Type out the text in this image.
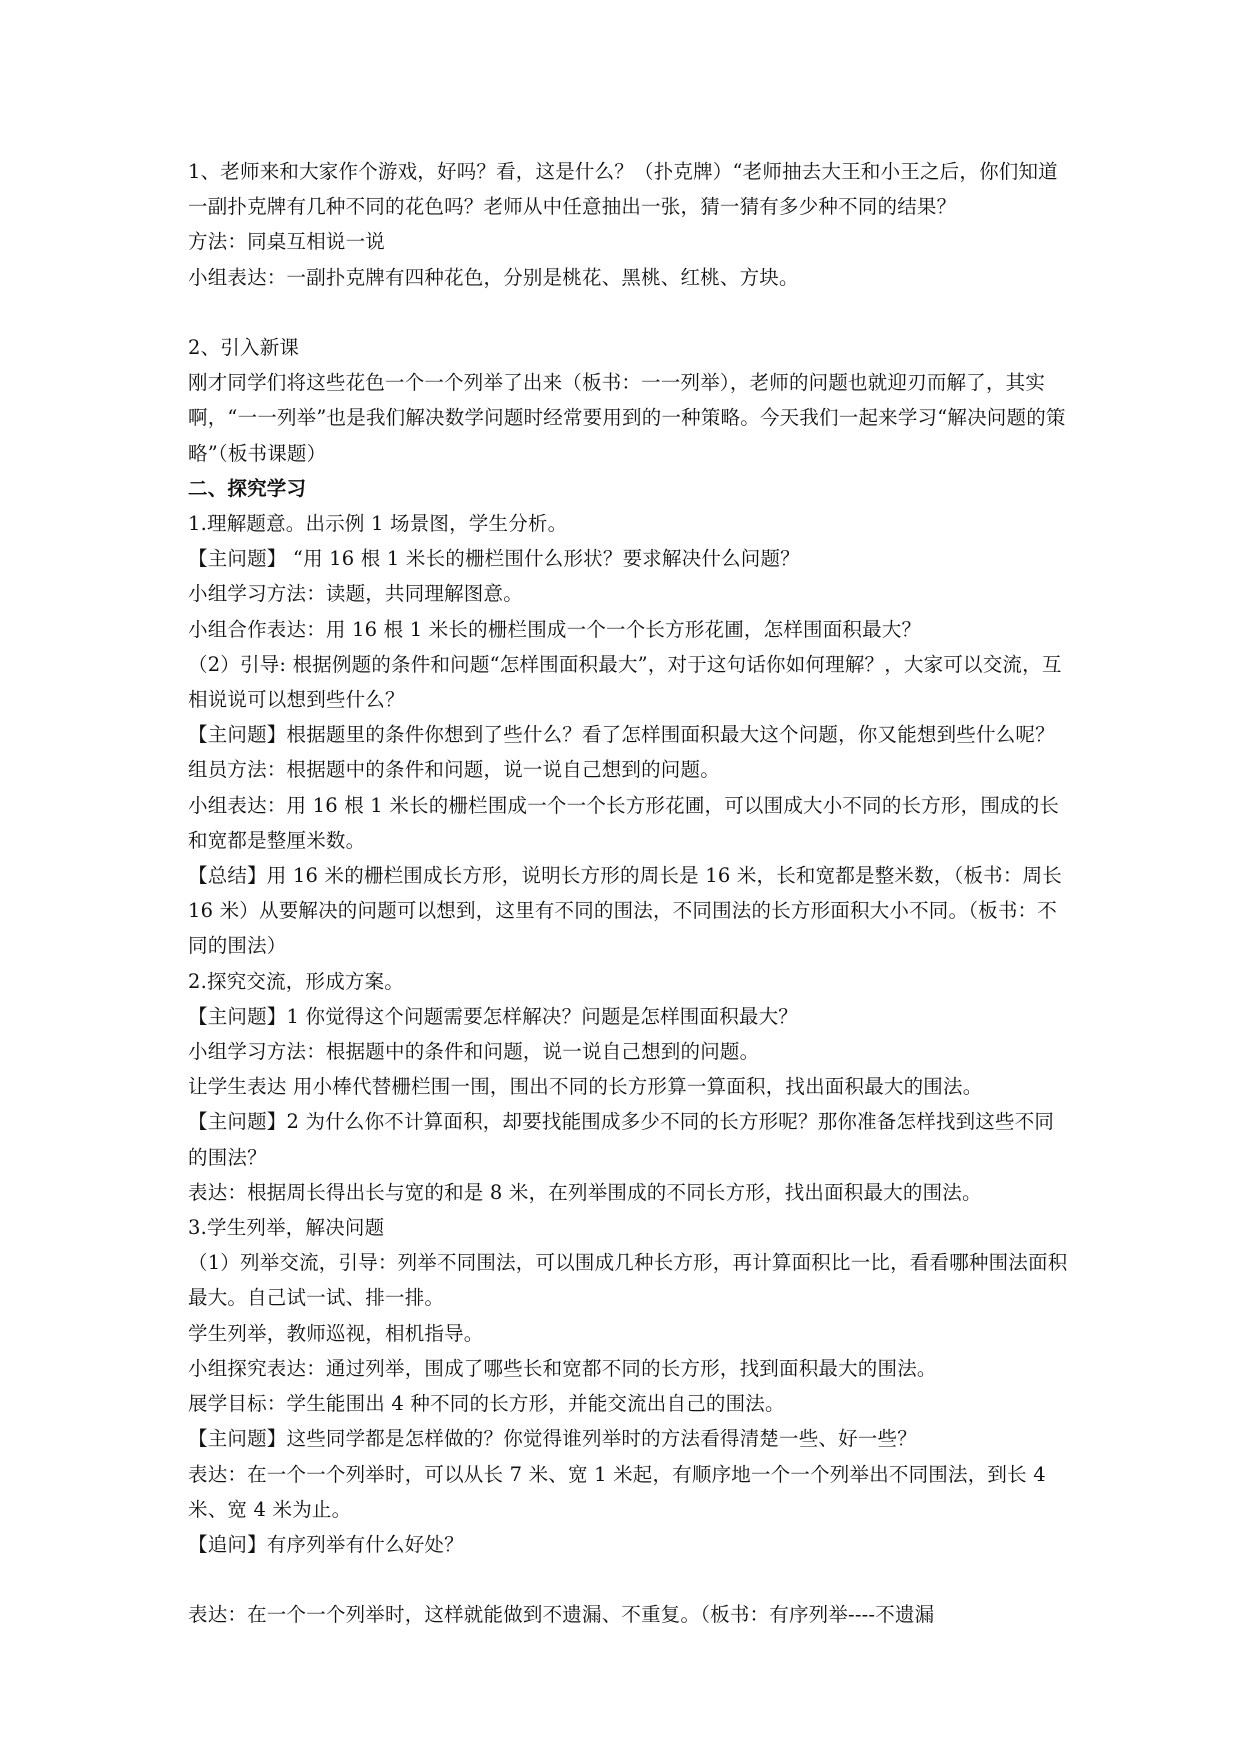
1、老师来和大家作个游戏，好吗？看，这是什么？（扑克牌）“老师抽去大王和小王之后，你们知道一副扑克牌有几种不同的花色吗？老师从中任意抽出一张，猜一猜有多少种不同的结果？

方法：同桌互相说一说

小组表达：一副扑克牌有四种花色，分别是桃花、黑桃、红桃、方块。

2、引入新课

刚才同学们将这些花色一个一个列举了出来（板书：一一列举），老师的问题也就迎刃而解了，其实啊，“一一列举”也是我们解决数学问题时经常要用到的一种策略。今天我们一起来学习“解决问题的策略”（板书课题）

二、探究学习

1.理解题意。出示例 1 场景图，学生分析。

【主问题】 “用 16 根 1 米长的栅栏围什么形状？要求解决什么问题？

小组学习方法：读题，共同理解图意。

小组合作表达：用 16 根 1 米长的栅栏围成一个一个长方形花圃，怎样围面积最大？

（2）引导: 根据例题的条件和问题“怎样围面积最大”，对于这句话你如何理解？，大家可以交流，互相说说可以想到些什么？

【主问题】根据题里的条件你想到了些什么？看了怎样围面积最大这个问题，你又能想到些什么呢？

组员方法：根据题中的条件和问题，说一说自己想到的问题。

小组表达：用 16 根 1 米长的栅栏围成一个一个长方形花圃，可以围成大小不同的长方形，围成的长和宽都是整厘米数。

【总结】用 16 米的栅栏围成长方形，说明长方形的周长是 16 米，长和宽都是整米数，（板书：周长 16 米）从要解决的问题可以想到，这里有不同的围法，不同围法的长方形面积大小不同。（板书：不同的围法）

2.探究交流，形成方案。

【主问题】1 你觉得这个问题需要怎样解决？问题是怎样围面积最大？

小组学习方法：根据题中的条件和问题，说一说自己想到的问题。

让学生表达 用小棒代替栅栏围一围，围出不同的长方形算一算面积，找出面积最大的围法。

【主问题】2 为什么你不计算面积，却要找能围成多少不同的长方形呢？那你准备怎样找到这些不同的围法？

表达：根据周长得出长与宽的和是 8 米，在列举围成的不同长方形，找出面积最大的围法。

3.学生列举，解决问题

（1）列举交流，引导：列举不同围法，可以围成几种长方形，再计算面积比一比，看看哪种围法面积最大。自己试一试、排一排。

学生列举，教师巡视，相机指导。

小组探究表达：通过列举，围成了哪些长和宽都不同的长方形，找到面积最大的围法。

展学目标：学生能围出 4 种不同的长方形，并能交流出自己的围法。

【主问题】这些同学都是怎样做的？你觉得谁列举时的方法看得清楚一些、好一些？

表达：在一个一个列举时，可以从长 7 米、宽 1 米起，有顺序地一个一个列举出不同围法，到长 4 米、宽 4 米为止。

【追问】有序列举有什么好处？

表达：在一个一个列举时，这样就能做到不遗漏、不重复。（板书：有序列举----不遗漏
